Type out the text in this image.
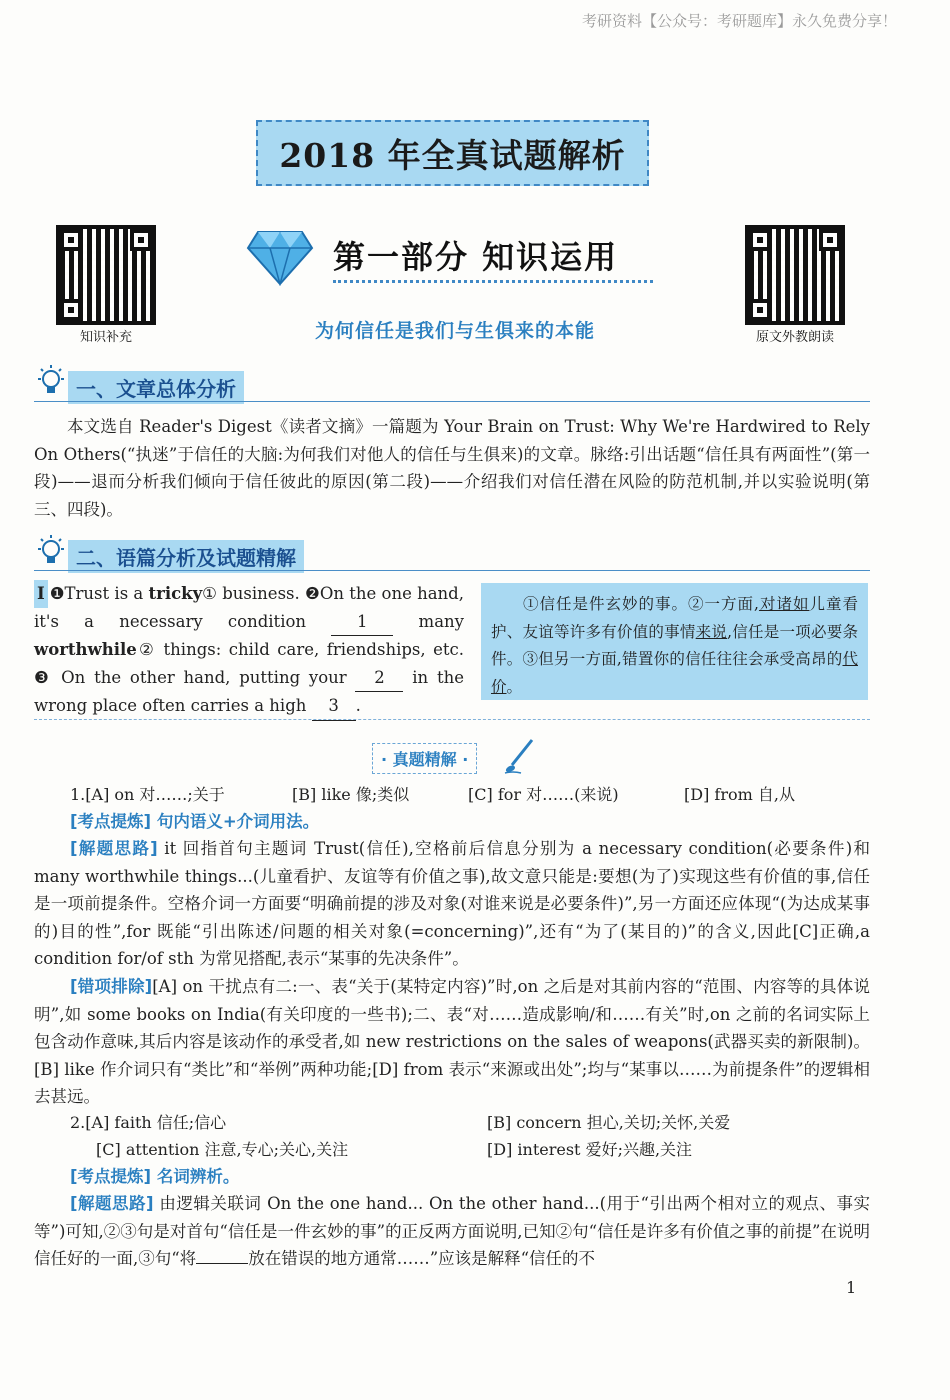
考研资料【公众号：考研题库】永久免费分享！
2018 年全真试题解析
知识补充	原文外教朗读
第一部分 知识运用
为何信任是我们与生俱来的本能
一、文章总体分析
本文选自 Reader's Digest《读者文摘》一篇题为 Your Brain on Trust: Why We're Hardwired to Rely On Others(“执迷”于信任的大脑:为何我们对他人的信任与生俱来)的文章。脉络:引出话题“信任具有两面性”(第一段)——退而分析我们倾向于信任彼此的原因(第二段)——介绍我们对信任潜在风险的防范机制,并以实验说明(第三、四段)。
二、语篇分析及试题精解
Ⅰ ❶Trust is a tricky① business. ❷On the one hand, it's a necessary condition 1 many worthwhile② things: child care, friendships, etc. ❸ On the other hand, putting your 2 in the wrong place often carries a high 3 .
①信任是件玄妙的事。②一方面,对诸如儿童看护、友谊等许多有价值的事情来说,信任是一项必要条件。③但另一方面,错置你的信任往往会承受高昂的代价。
· 真题精解 ·
1.[A] on 对……;关于	[B] like 像;类似	[C] for 对……(来说)	[D] from 自,从
[考点提炼] 句内语义+介词用法。
[解题思路] it 回指首句主题词 Trust(信任),空格前后信息分别为 a necessary condition(必要条件)和 many worthwhile things...(儿童看护、友谊等有价值之事),故文意只能是:要想(为了)实现这些有价值的事,信任是一项前提条件。空格介词一方面要“明确前提的涉及对象(对谁来说是必要条件)”,另一方面还应体现“(为达成某事的)目的性”,for 既能“引出陈述/问题的相关对象(=concerning)”,还有“为了(某目的)”的含义,因此[C]正确,a condition for/of sth 为常见搭配,表示“某事的先决条件”。
[错项排除][A] on 干扰点有二:一、表“关于(某特定内容)”时,on 之后是对其前内容的“范围、内容等的具体说明”,如 some books on India(有关印度的一些书);二、表“对……造成影响/和……有关”时,on 之前的名词实际上包含动作意味,其后内容是该动作的承受者,如 new restrictions on the sales of weapons(武器买卖的新限制)。[B] like 作介词只有“类比”和“举例”两种功能;[D] from 表示“来源或出处”;均与“某事以……为前提条件”的逻辑相去甚远。
2.[A] faith 信任;信心	[B] concern 担心,关切;关怀,关爱
[C] attention 注意,专心;关心,关注	[D] interest 爱好;兴趣,关注
[考点提炼] 名词辨析。
[解题思路] 由逻辑关联词 On the one hand... On the other hand...(用于“引出两个相对立的观点、事实等”)可知,②③句是对首句“信任是一件玄妙的事”的正反两方面说明,已知②句“信任是许多有价值之事的前提”在说明信任好的一面,③句“将	放在错误的地方通常……”应该是解释“信任的不
1
